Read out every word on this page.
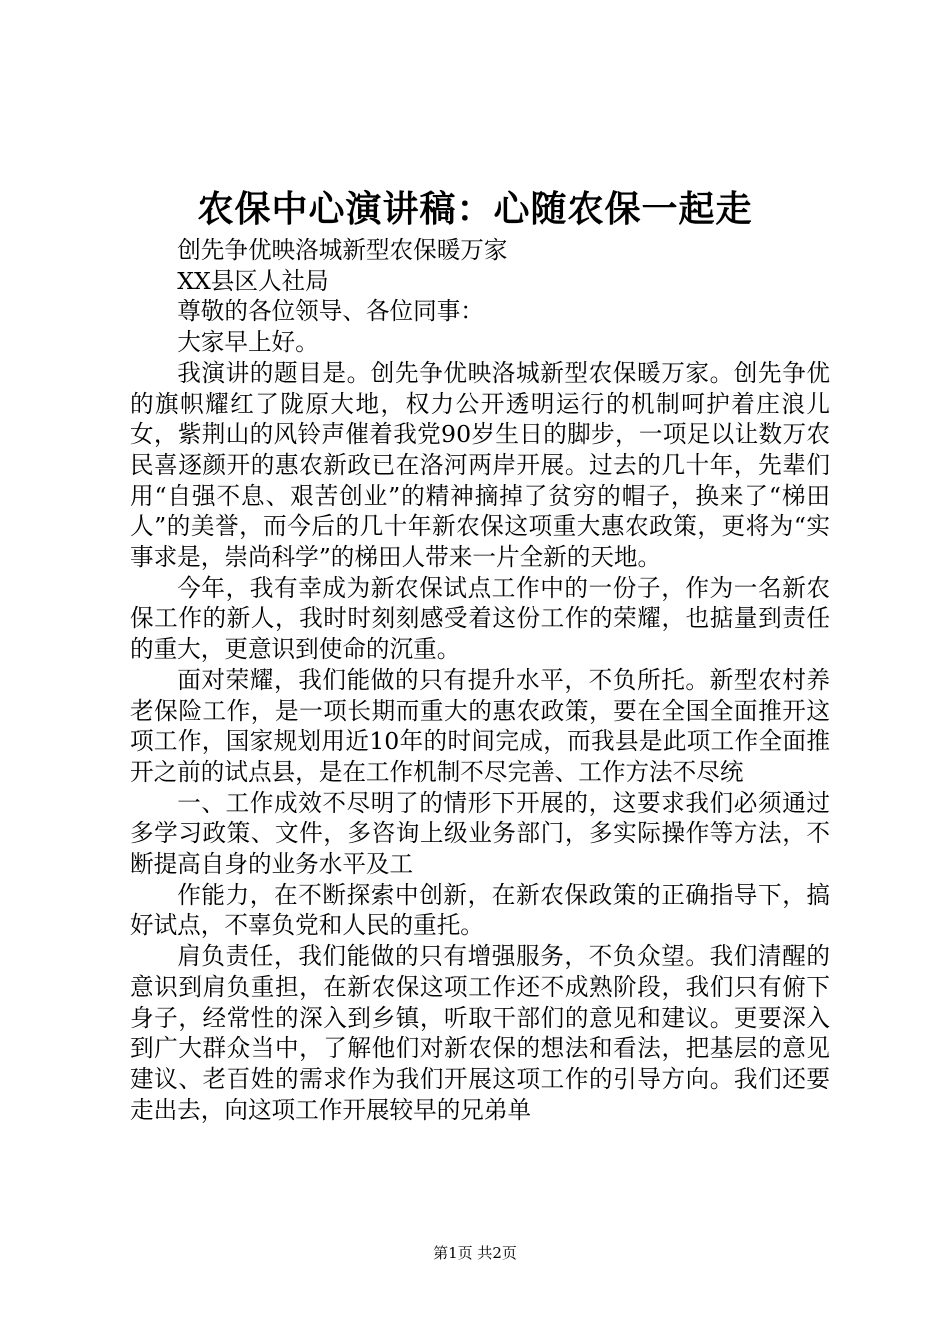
农保中心演讲稿：心随农保一起走

创先争优映洛城新型农保暖万家

XX县区人社局

尊敬的各位领导、各位同事：

大家早上好。

我演讲的题目是。创先争优映洛城新型农保暖万家。创先争优的旗帜耀红了陇原大地，权力公开透明运行的机制呵护着庄浪儿女，紫荆山的风铃声催着我党90岁生日的脚步，一项足以让数万农民喜逐颜开的惠农新政已在洛河两岸开展。过去的几十年，先辈们用“自强不息、艰苦创业”的精神摘掉了贫穷的帽子，换来了“梯田人”的美誉，而今后的几十年新农保这项重大惠农政策，更将为“实事求是，崇尚科学”的梯田人带来一片全新的天地。

今年，我有幸成为新农保试点工作中的一份子，作为一名新农保工作的新人，我时时刻刻感受着这份工作的荣耀，也掂量到责任的重大，更意识到使命的沉重。

面对荣耀，我们能做的只有提升水平，不负所托。新型农村养老保险工作，是一项长期而重大的惠农政策，要在全国全面推开这项工作，国家规划用近10年的时间完成，而我县是此项工作全面推开之前的试点县，是在工作机制不尽完善、工作方法不尽统

一、工作成效不尽明了的情形下开展的，这要求我们必须通过多学习政策、文件，多咨询上级业务部门，多实际操作等方法，不断提高自身的业务水平及工

作能力，在不断探索中创新，在新农保政策的正确指导下，搞好试点，不辜负党和人民的重托。

肩负责任，我们能做的只有增强服务，不负众望。我们清醒的意识到肩负重担，在新农保这项工作还不成熟阶段，我们只有俯下身子，经常性的深入到乡镇，听取干部们的意见和建议。更要深入到广大群众当中，了解他们对新农保的想法和看法，把基层的意见建议、老百姓的需求作为我们开展这项工作的引导方向。我们还要走出去，向这项工作开展较早的兄弟单

第1页 共2页
